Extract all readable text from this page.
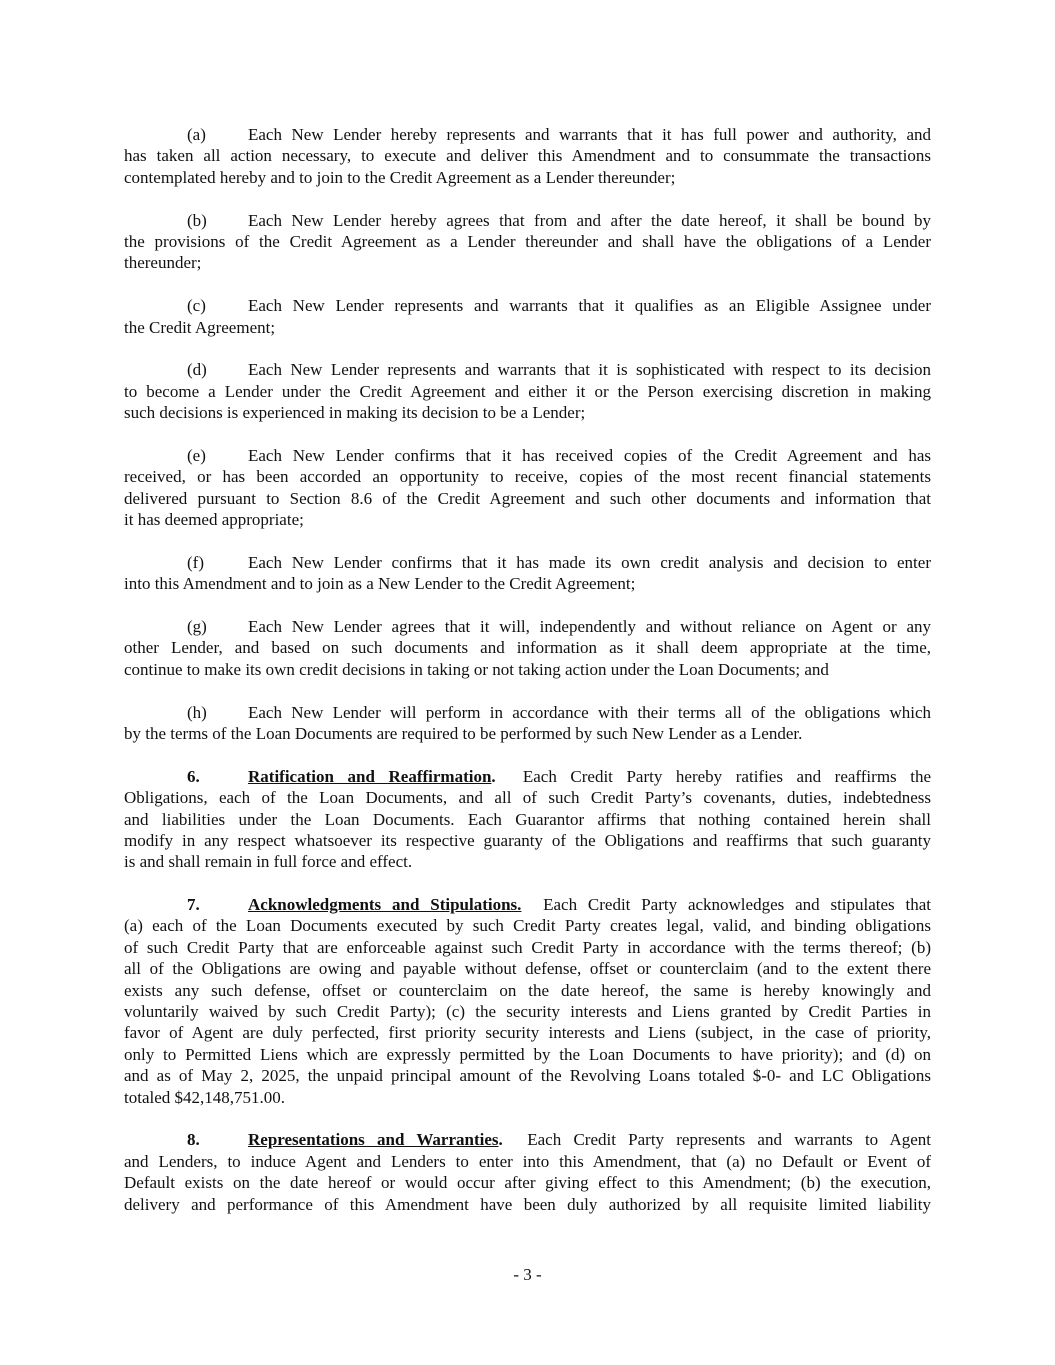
(a)	Each New Lender hereby represents and warrants that it has full power and authority, and
has taken all action necessary, to execute and deliver this Amendment and to consummate the transactions
contemplated hereby and to join to the Credit Agreement as a Lender thereunder;
(b)	Each New Lender hereby agrees that from and after the date hereof, it shall be bound by
the provisions of the Credit Agreement as a Lender thereunder and shall have the obligations of a Lender
thereunder;
(c)	Each New Lender represents and warrants that it qualifies as an Eligible Assignee under
the Credit Agreement;
(d)	Each New Lender represents and warrants that it is sophisticated with respect to its decision
to become a Lender under the Credit Agreement and either it or the Person exercising discretion in making
such decisions is experienced in making its decision to be a Lender;
(e)	Each New Lender confirms that it has received copies of the Credit Agreement and has
received, or has been accorded an opportunity to receive, copies of the most recent financial statements
delivered pursuant to Section 8.6 of the Credit Agreement and such other documents and information that
it has deemed appropriate;
(f)	Each New Lender confirms that it has made its own credit analysis and decision to enter
into this Amendment and to join as a New Lender to the Credit Agreement;
(g)	Each New Lender agrees that it will, independently and without reliance on Agent or any
other Lender, and based on such documents and information as it shall deem appropriate at the time,
continue to make its own credit decisions in taking or not taking action under the Loan Documents; and
(h)	Each New Lender will perform in accordance with their terms all of the obligations which
by the terms of the Loan Documents are required to be performed by such New Lender as a Lender.
6.	Ratification and Reaffirmation. Each Credit Party hereby ratifies and reaffirms the
Obligations, each of the Loan Documents, and all of such Credit Party’s covenants, duties, indebtedness
and liabilities under the Loan Documents. Each Guarantor affirms that nothing contained herein shall
modify in any respect whatsoever its respective guaranty of the Obligations and reaffirms that such guaranty
is and shall remain in full force and effect.
7.	Acknowledgments and Stipulations. Each Credit Party acknowledges and stipulates that
(a) each of the Loan Documents executed by such Credit Party creates legal, valid, and binding obligations
of such Credit Party that are enforceable against such Credit Party in accordance with the terms thereof; (b)
all of the Obligations are owing and payable without defense, offset or counterclaim (and to the extent there
exists any such defense, offset or counterclaim on the date hereof, the same is hereby knowingly and
voluntarily waived by such Credit Party); (c) the security interests and Liens granted by Credit Parties in
favor of Agent are duly perfected, first priority security interests and Liens (subject, in the case of priority,
only to Permitted Liens which are expressly permitted by the Loan Documents to have priority); and (d) on
and as of May 2, 2025, the unpaid principal amount of the Revolving Loans totaled $-0- and LC Obligations
totaled $42,148,751.00.
8.	Representations and Warranties. Each Credit Party represents and warrants to Agent
and Lenders, to induce Agent and Lenders to enter into this Amendment, that (a) no Default or Event of
Default exists on the date hereof or would occur after giving effect to this Amendment; (b) the execution,
delivery and performance of this Amendment have been duly authorized by all requisite limited liability
- 3 -
